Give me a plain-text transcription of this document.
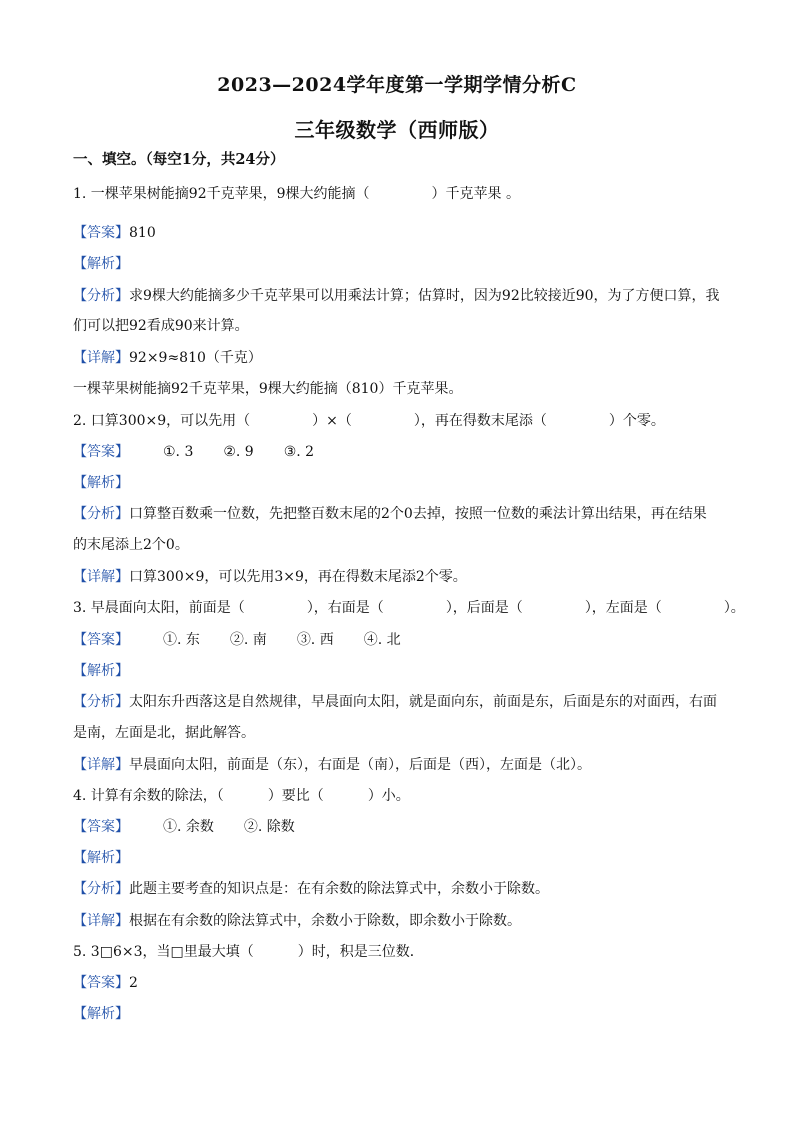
2023—2024学年度第一学期学情分析C
三年级数学（西师版）
一、填空。（每空1分，共24分）
1. 一棵苹果树能摘92千克苹果，9棵大约能摘（	）千克苹果 。
【答案】810
【解析】
【分析】求9棵大约能摘多少千克苹果可以用乘法计算；估算时，因为92比较接近90，为了方便口算，我
们可以把92看成90来计算。
【详解】92×9≈810（千克）
一棵苹果树能摘92千克苹果，9棵大约能摘（810）千克苹果。
2. 口算300×9，可以先用（	）×（	），再在得数末尾添（	）个零。
【答案】 ①. 3 ②. 9 ③. 2
【解析】
【分析】口算整百数乘一位数，先把整百数末尾的2个0去掉，按照一位数的乘法计算出结果，再在结果
的末尾添上2个0。
【详解】口算300×9，可以先用3×9，再在得数末尾添2个零。
3. 早晨面向太阳，前面是（	），右面是（	），后面是（	），左面是（	）。
【答案】 ①. 东 ②. 南 ③. 西 ④. 北
【解析】
【分析】太阳东升西落这是自然规律，早晨面向太阳，就是面向东，前面是东，后面是东的对面西，右面
是南，左面是北，据此解答。
【详解】早晨面向太阳，前面是（东），右面是（南），后面是（西），左面是（北）。
4. 计算有余数的除法，（	）要比（	）小。
【答案】 ①. 余数 ②. 除数
【解析】
【分析】此题主要考查的知识点是：在有余数的除法算式中，余数小于除数。
【详解】根据在有余数的除法算式中，余数小于除数，即余数小于除数。
5. 3□6×3，当□里最大填（	）时，积是三位数．
【答案】2
【解析】
